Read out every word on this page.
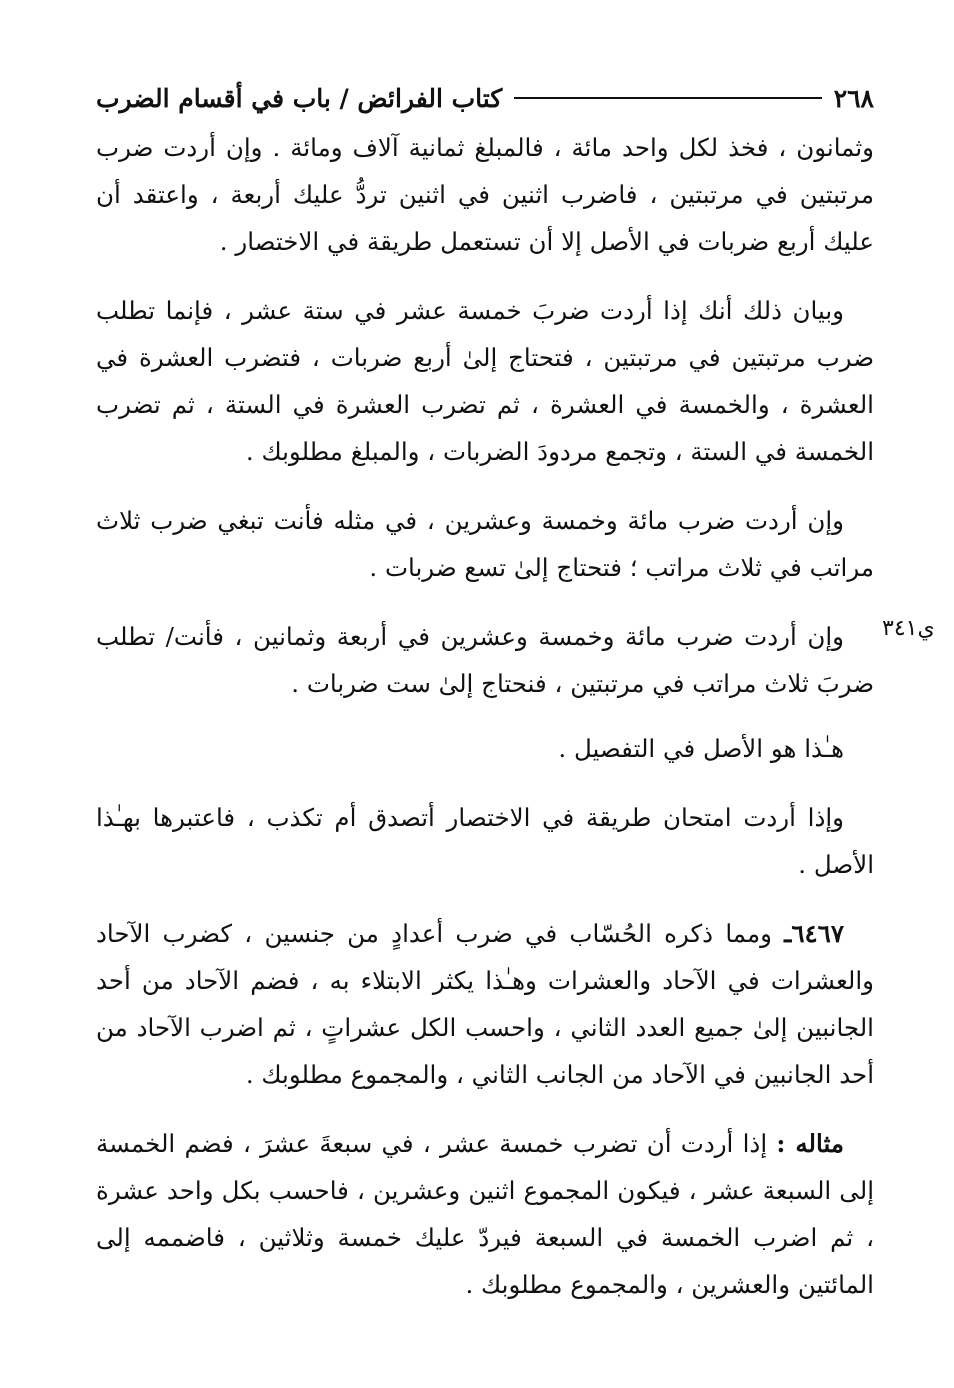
٢٦٨
كتاب الفرائض / باب في أقسام الضرب
ي٣٤١

وثمانون ، فخذ لكل واحد مائة ، فالمبلغ ثمانية آلاف ومائة . وإن أردت ضرب مرتبتين في مرتبتين ، فاضرب اثنين في اثنين تردُّ عليك أربعة ، واعتقد أن عليك أربع ضربات في الأصل إلا أن تستعمل طريقة في الاختصار .

وبيان ذلك أنك إذا أردت ضربَ خمسة عشر في ستة عشر ، فإنما تطلب ضرب مرتبتين في مرتبتين ، فتحتاج إلىٰ أربع ضربات ، فتضرب العشرة في العشرة ، والخمسة في العشرة ، ثم تضرب العشرة في الستة ، ثم تضرب الخمسة في الستة ، وتجمع مردودَ الضربات ، والمبلغ مطلوبك .

وإن أردت ضرب مائة وخمسة وعشرين ، في مثله فأنت تبغي ضرب ثلاث مراتب في ثلاث مراتب ؛ فتحتاج إلىٰ تسع ضربات .

وإن أردت ضرب مائة وخمسة وعشرين في أربعة وثمانين ، فأنت/ تطلب ضربَ ثلاث مراتب في مرتبتين ، فنحتاج إلىٰ ست ضربات .

هـٰذا هو الأصل في التفصيل .

وإذا أردت امتحان طريقة في الاختصار أتصدق أم تكذب ، فاعتبرها بهـٰذا الأصل .

٦٤٦٧ـ ومما ذكره الحُسّاب في ضرب أعدادٍ من جنسين ، كضرب الآحاد والعشرات في الآحاد والعشرات وهـٰذا يكثر الابتلاء به ، فضم الآحاد من أحد الجانبين إلىٰ جميع العدد الثاني ، واحسب الكل عشراتٍ ، ثم اضرب الآحاد من أحد الجانبين في الآحاد من الجانب الثاني ، والمجموع مطلوبك .

مثاله : إذا أردت أن تضرب خمسة عشر ، في سبعةَ عشرَ ، فضم الخمسة إلى السبعة عشر ، فيكون المجموع اثنين وعشرين ، فاحسب بكل واحد عشرة ، ثم اضرب الخمسة في السبعة فيردّ عليك خمسة وثلاثين ، فاضممه إلى المائتين والعشرين ، والمجموع مطلوبك .
